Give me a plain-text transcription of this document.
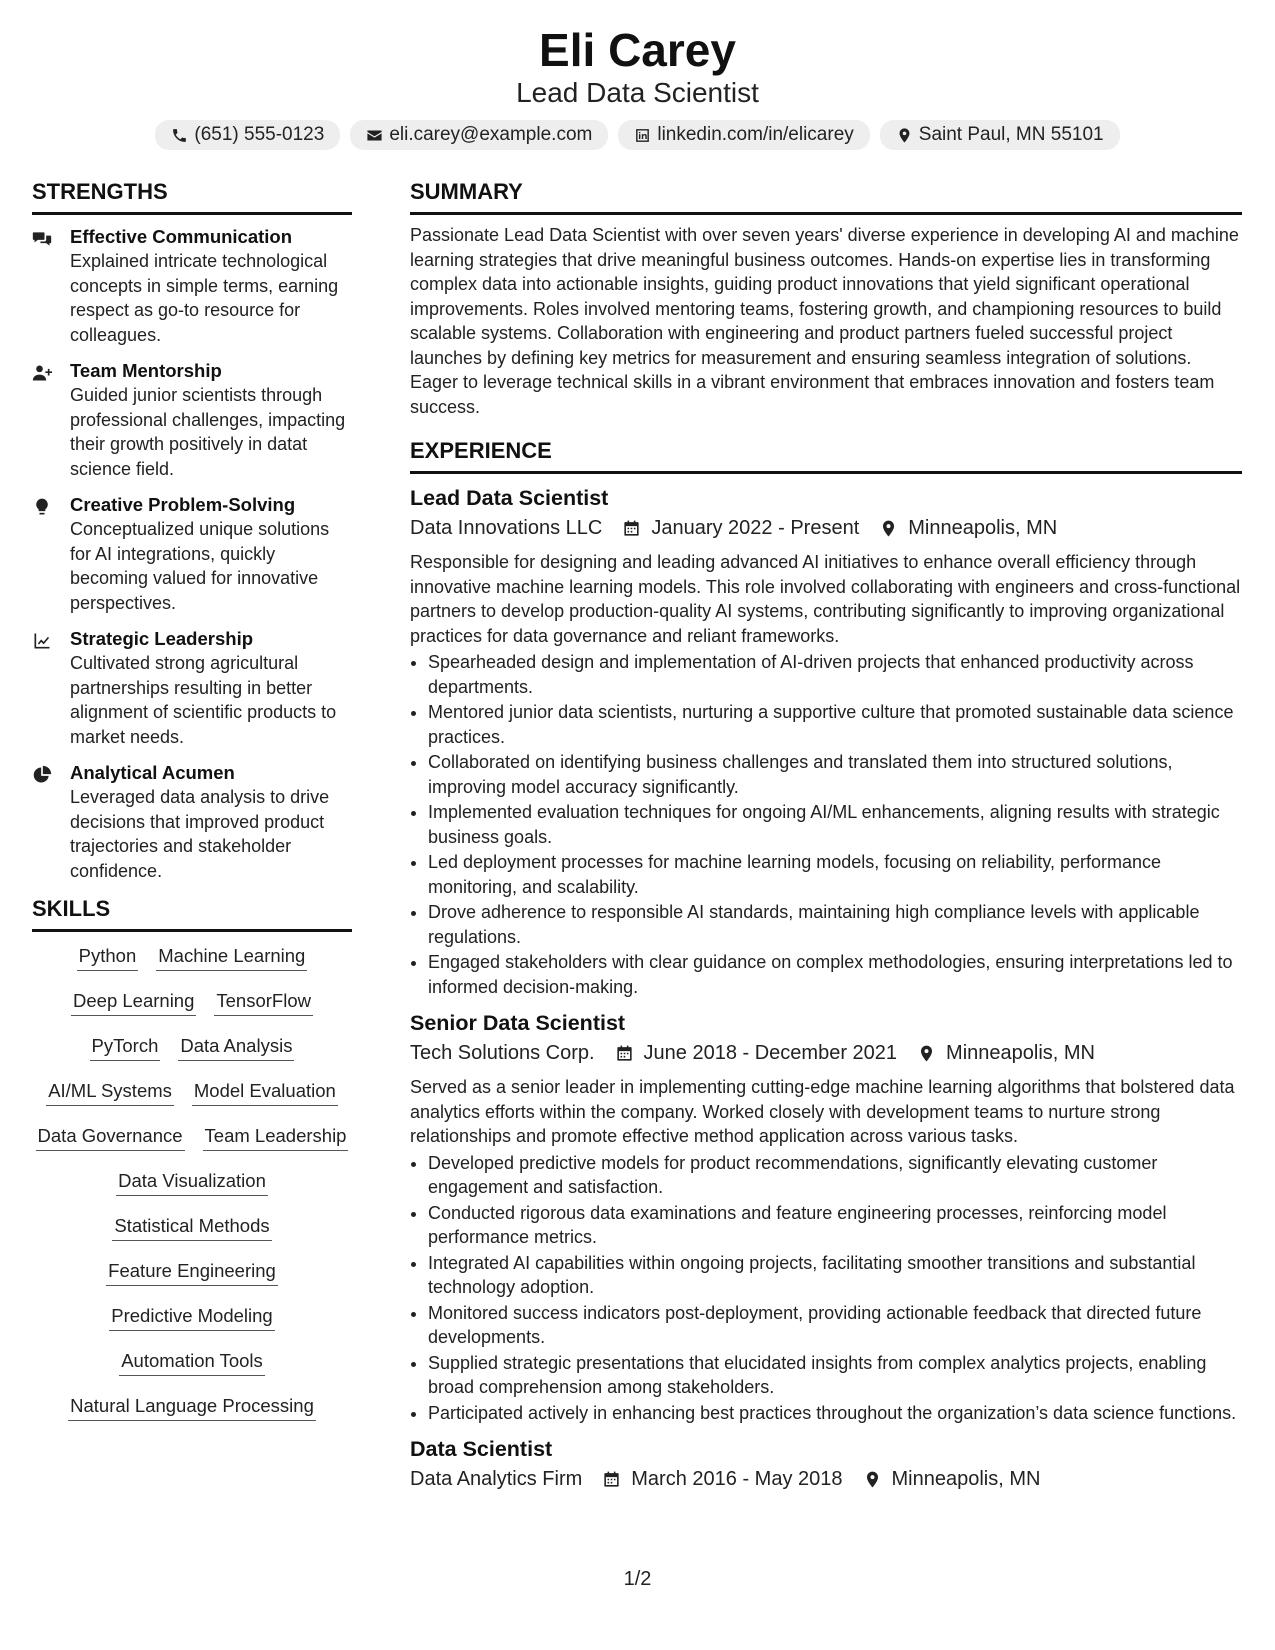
Eli Carey
Lead Data Scientist
(651) 555-0123	eli.carey@example.com	linkedin.com/in/elicarey	Saint Paul, MN 55101
STRENGTHS
Effective Communication
Explained intricate technological concepts in simple terms, earning respect as go-to resource for colleagues.
Team Mentorship
Guided junior scientists through professional challenges, impacting their growth positively in datat science field.
Creative Problem-Solving
Conceptualized unique solutions for AI integrations, quickly becoming valued for innovative perspectives.
Strategic Leadership
Cultivated strong agricultural partnerships resulting in better alignment of scientific products to market needs.
Analytical Acumen
Leveraged data analysis to drive decisions that improved product trajectories and stakeholder confidence.
SKILLS
Python Machine Learning
Deep Learning TensorFlow
PyTorch Data Analysis
AI/ML Systems Model Evaluation
Data Governance Team Leadership
Data Visualization
Statistical Methods
Feature Engineering
Predictive Modeling
Automation Tools
Natural Language Processing
SUMMARY
Passionate Lead Data Scientist with over seven years' diverse experience in developing AI and machine learning strategies that drive meaningful business outcomes. Hands-on expertise lies in transforming complex data into actionable insights, guiding product innovations that yield significant operational improvements. Roles involved mentoring teams, fostering growth, and championing resources to build scalable systems. Collaboration with engineering and product partners fueled successful project launches by defining key metrics for measurement and ensuring seamless integration of solutions. Eager to leverage technical skills in a vibrant environment that embraces innovation and fosters team success.
EXPERIENCE
Lead Data Scientist
Data Innovations LLC January 2022 - Present Minneapolis, MN
Responsible for designing and leading advanced AI initiatives to enhance overall efficiency through innovative machine learning models. This role involved collaborating with engineers and cross-functional partners to develop production-quality AI systems, contributing significantly to improving organizational practices for data governance and reliant frameworks.
• Spearheaded design and implementation of AI-driven projects that enhanced productivity across departments.
• Mentored junior data scientists, nurturing a supportive culture that promoted sustainable data science practices.
• Collaborated on identifying business challenges and translated them into structured solutions, improving model accuracy significantly.
• Implemented evaluation techniques for ongoing AI/ML enhancements, aligning results with strategic business goals.
• Led deployment processes for machine learning models, focusing on reliability, performance monitoring, and scalability.
• Drove adherence to responsible AI standards, maintaining high compliance levels with applicable regulations.
• Engaged stakeholders with clear guidance on complex methodologies, ensuring interpretations led to informed decision-making.
Senior Data Scientist
Tech Solutions Corp. June 2018 - December 2021 Minneapolis, MN
Served as a senior leader in implementing cutting-edge machine learning algorithms that bolstered data analytics efforts within the company. Worked closely with development teams to nurture strong relationships and promote effective method application across various tasks.
• Developed predictive models for product recommendations, significantly elevating customer engagement and satisfaction.
• Conducted rigorous data examinations and feature engineering processes, reinforcing model performance metrics.
• Integrated AI capabilities within ongoing projects, facilitating smoother transitions and substantial technology adoption.
• Monitored success indicators post-deployment, providing actionable feedback that directed future developments.
• Supplied strategic presentations that elucidated insights from complex analytics projects, enabling broad comprehension among stakeholders.
• Participated actively in enhancing best practices throughout the organization’s data science functions.
Data Scientist
Data Analytics Firm March 2016 - May 2018 Minneapolis, MN
1/2
